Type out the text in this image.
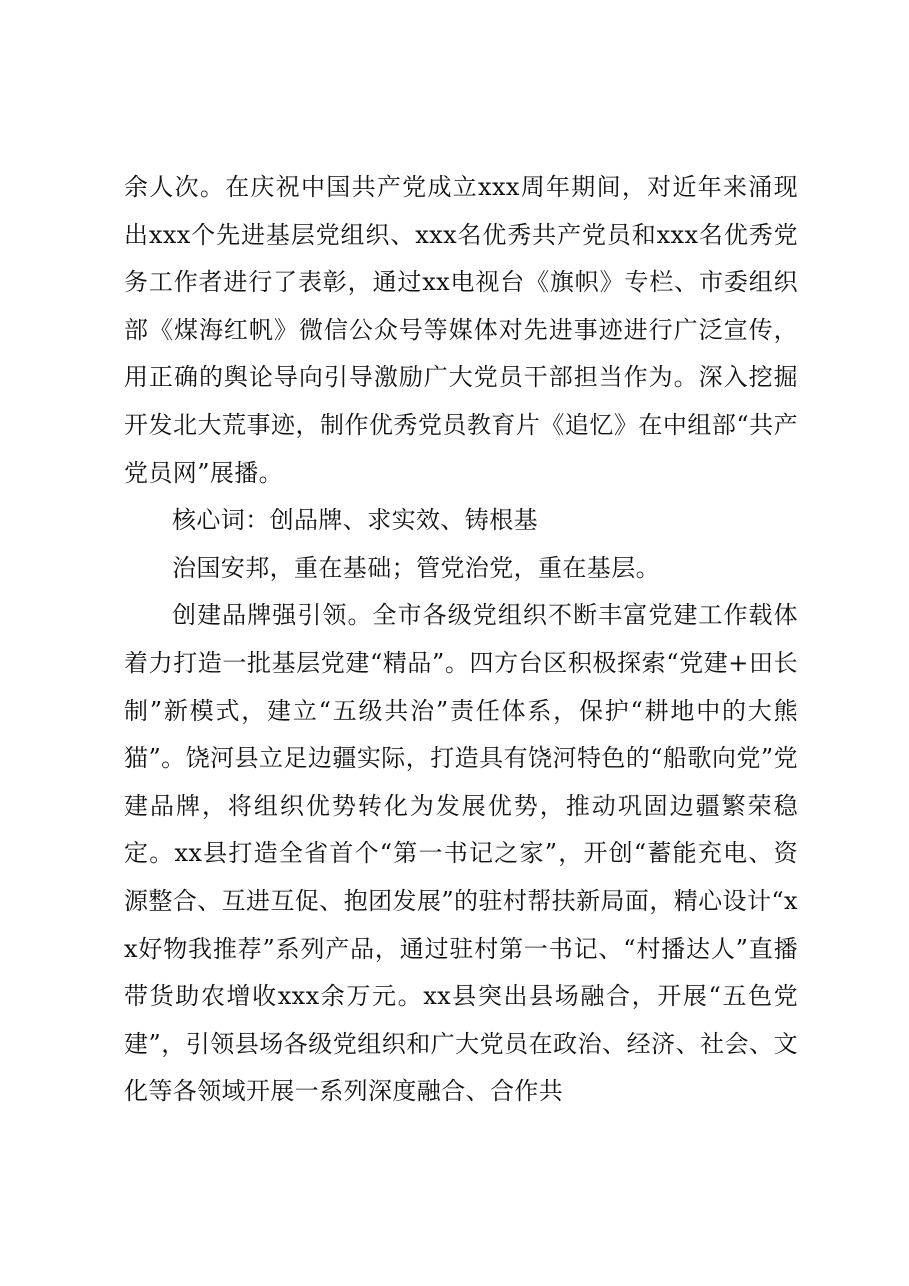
余人次。在庆祝中国共产党成立xxx周年期间，对近年来涌现出xxx个先进基层党组织、xxx名优秀共产党员和xxx名优秀党务工作者进行了表彰，通过xx电视台《旗帜》专栏、市委组织部《煤海红帆》微信公众号等媒体对先进事迹进行广泛宣传，用正确的舆论导向引导激励广大党员干部担当作为。深入挖掘开发北大荒事迹，制作优秀党员教育片《追忆》在中组部“共产党员网”展播。

核心词：创品牌、求实效、铸根基

治国安邦，重在基础；管党治党，重在基层。

创建品牌强引领。全市各级党组织不断丰富党建工作载体着力打造一批基层党建“精品”。四方台区积极探索“党建+田长制”新模式，建立“五级共治”责任体系，保护“耕地中的大熊猫”。饶河县立足边疆实际，打造具有饶河特色的“船歌向党”党建品牌，将组织优势转化为发展优势，推动巩固边疆繁荣稳定。xx县打造全省首个“第一书记之家”，开创“蓄能充电、资源整合、互进互促、抱团发展”的驻村帮扶新局面，精心设计“xx好物我推荐”系列产品，通过驻村第一书记、“村播达人”直播带货助农增收xxx余万元。xx县突出县场融合，开展“五色党建”，引领县场各级党组织和广大党员在政治、经济、社会、文化等各领域开展一系列深度融合、合作共
